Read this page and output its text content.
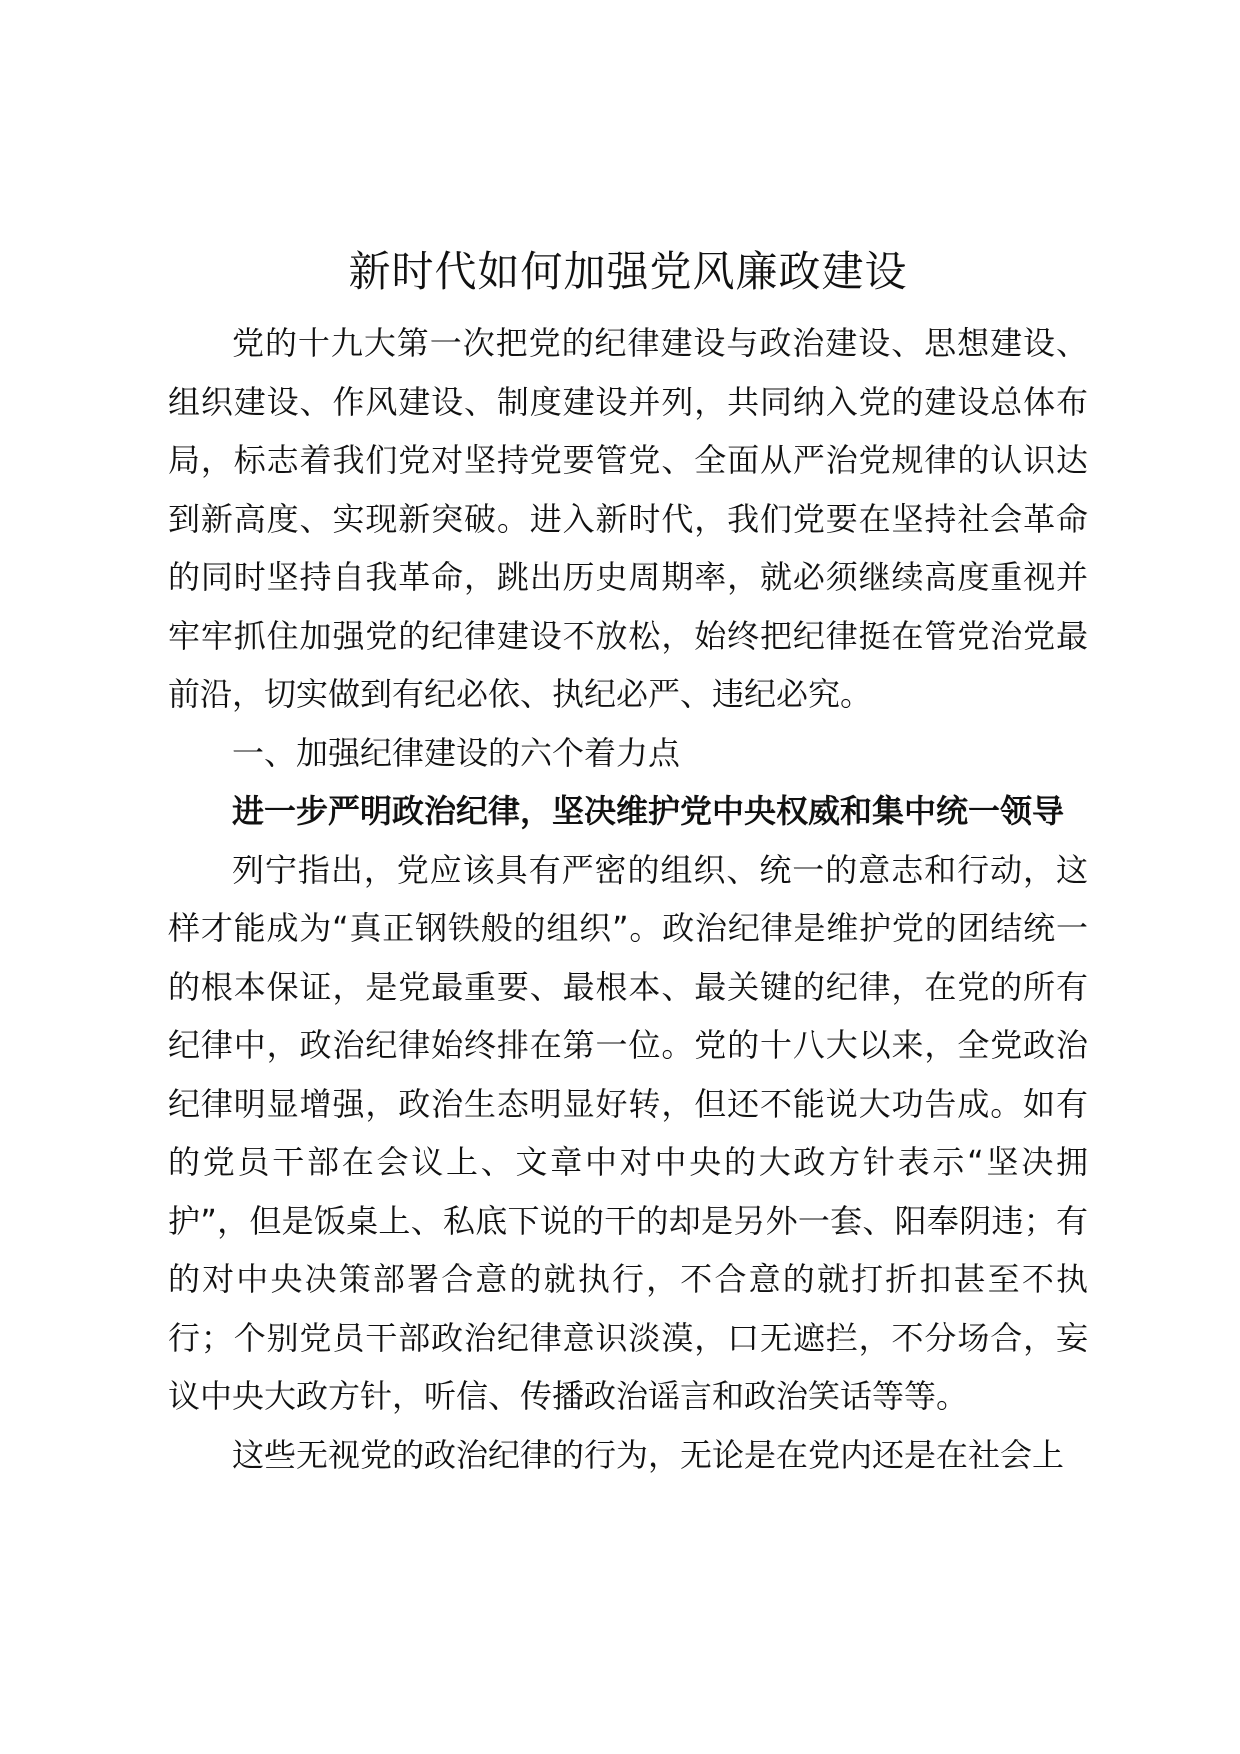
新时代如何加强党风廉政建设

党的十九大第一次把党的纪律建设与政治建设、思想建设、组织建设、作风建设、制度建设并列，共同纳入党的建设总体布局，标志着我们党对坚持党要管党、全面从严治党规律的认识达到新高度、实现新突破。进入新时代，我们党要在坚持社会革命的同时坚持自我革命，跳出历史周期率，就必须继续高度重视并牢牢抓住加强党的纪律建设不放松，始终把纪律挺在管党治党最前沿，切实做到有纪必依、执纪必严、违纪必究。

一、加强纪律建设的六个着力点

进一步严明政治纪律，坚决维护党中央权威和集中统一领导

列宁指出，党应该具有严密的组织、统一的意志和行动，这样才能成为“真正钢铁般的组织”。政治纪律是维护党的团结统一的根本保证，是党最重要、最根本、最关键的纪律，在党的所有纪律中，政治纪律始终排在第一位。党的十八大以来，全党政治纪律明显增强，政治生态明显好转，但还不能说大功告成。如有的党员干部在会议上、文章中对中央的大政方针表示“坚决拥护”，但是饭桌上、私底下说的干的却是另外一套、阳奉阴违；有的对中央决策部署合意的就执行，不合意的就打折扣甚至不执行；个别党员干部政治纪律意识淡漠，口无遮拦，不分场合，妄议中央大政方针，听信、传播政治谣言和政治笑话等等。

这些无视党的政治纪律的行为，无论是在党内还是在社会上
